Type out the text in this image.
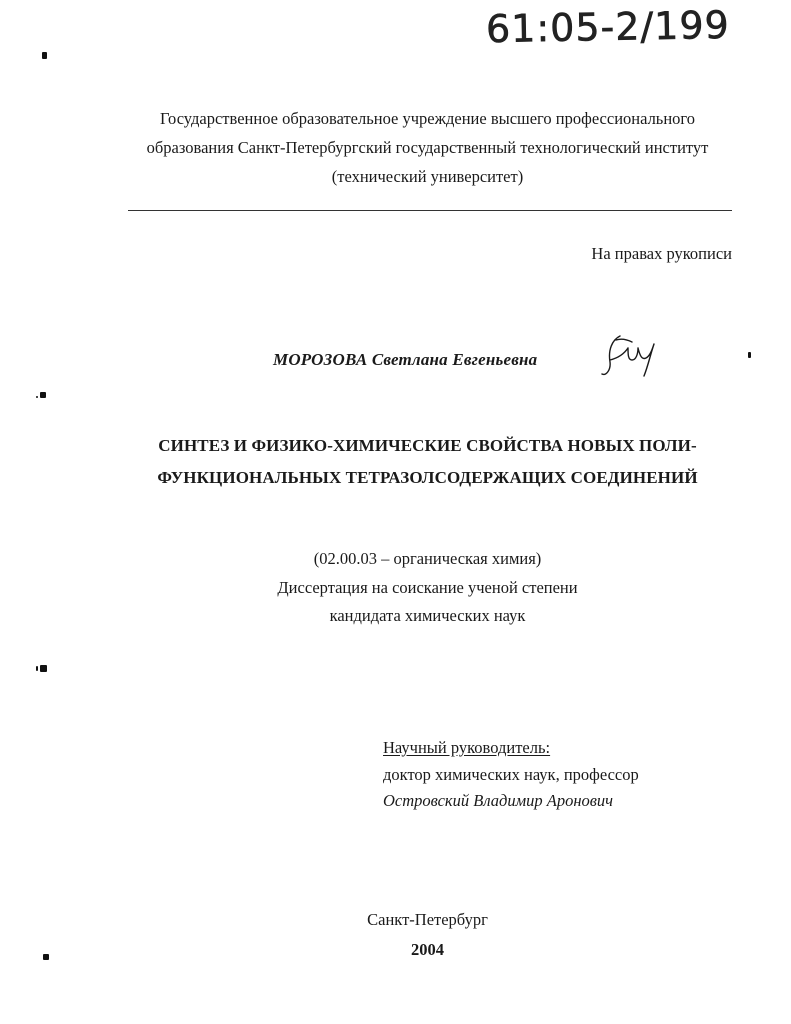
61:05-2/199
Государственное образовательное учреждение высшего профессионального
образования Санкт-Петербургский государственный технологический институт
(технический университет)
На правах рукописи
МОРОЗОВА Светлана Евгеньевна
СИНТЕЗ И ФИЗИКО-ХИМИЧЕСКИЕ СВОЙСТВА НОВЫХ ПОЛИ-
ФУНКЦИОНАЛЬНЫХ ТЕТРАЗОЛСОДЕРЖАЩИХ СОЕДИНЕНИЙ
(02.00.03 – органическая химия)
Диссертация на соискание ученой степени
кандидата химических наук
Научный руководитель:
доктор химических наук, профессор
Островский Владимир Аронович
Санкт-Петербург
2004
